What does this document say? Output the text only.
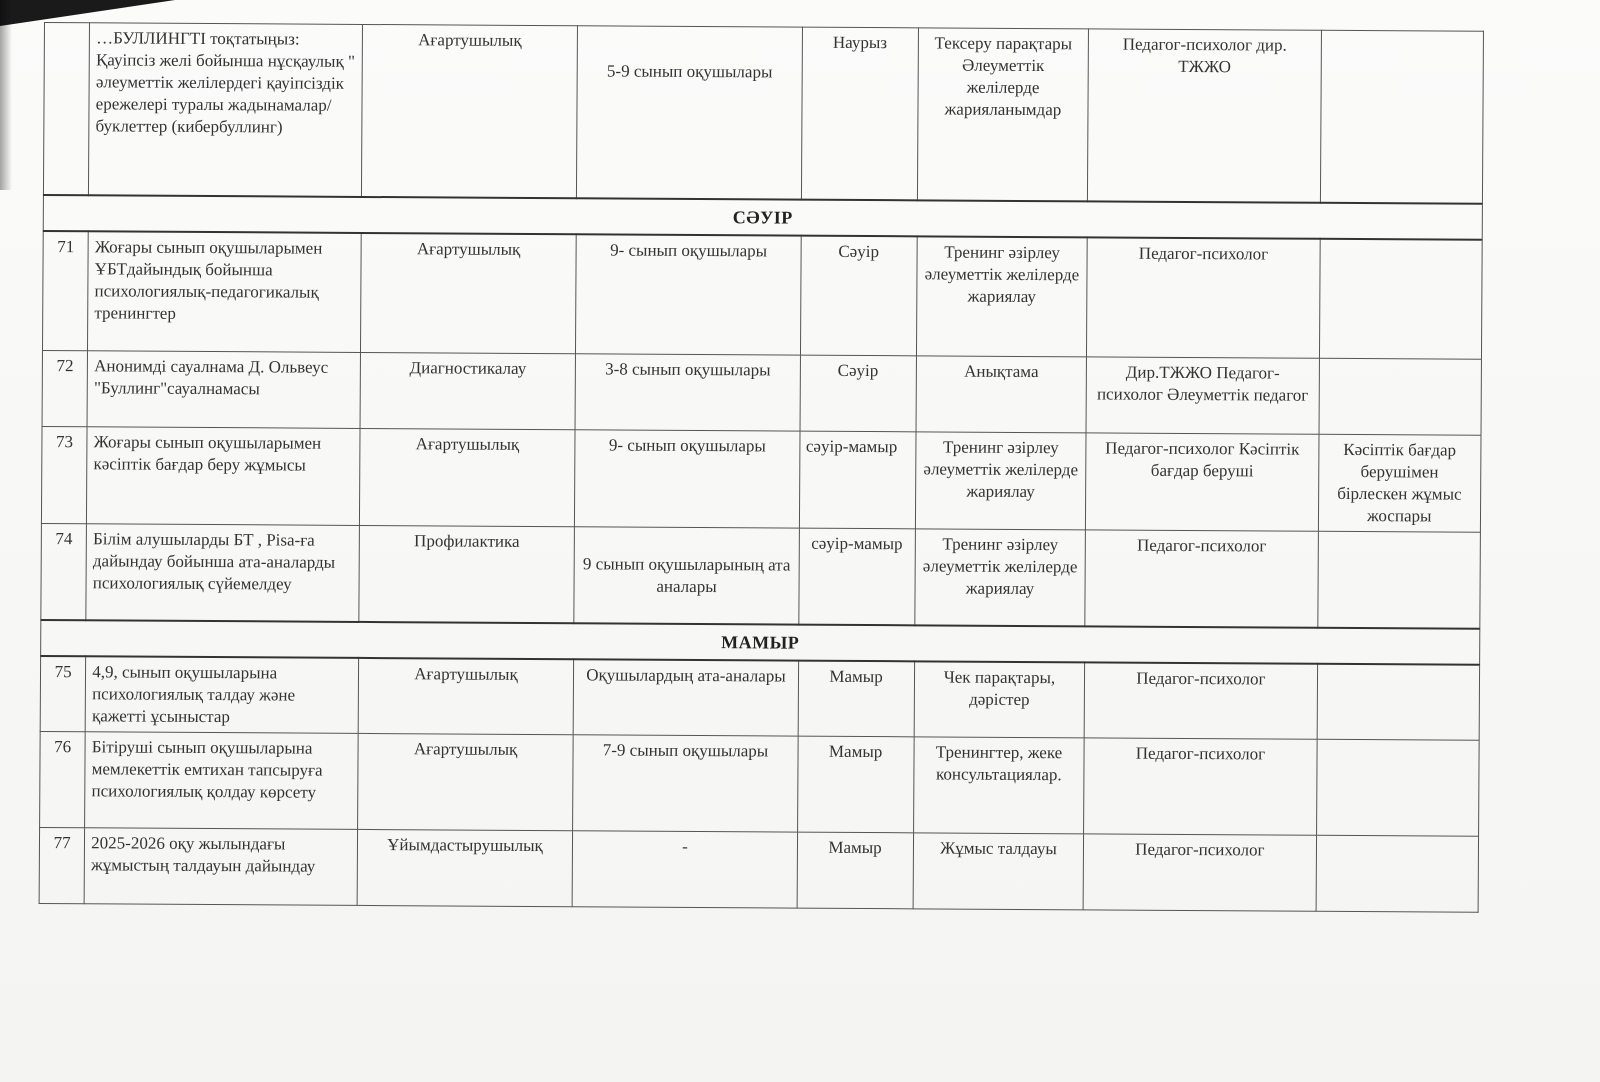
	…БУЛЛИНГТІ тоқтатыңыз: Қауіпсіз желі бойынша нұсқаулық " әлеуметтік желілердегі қауіпсіздік ережелері туралы жадынамалар/буклеттер (кибербуллинг)	Ағартушылық	5-9 сынып оқушылары	Наурыз	Тексеру парақтары Әлеуметтік желілерде жарияланымдар	Педагог-психолог дир. ТЖЖО	
СӘУІР							
71	Жоғары сынып оқушыларымен ҰБТдайындық бойынша психологиялық-педагогикалық тренингтер	Ағартушылық	9- сынып оқушылары	Сәуір	Тренинг әзірлеу әлеуметтік желілерде жариялау	Педагог-психолог	
72	Анонимді сауалнама Д. Ольвеус "Буллинг"сауалнамасы	Диагностикалау	3-8 сынып оқушылары	Сәуір	Анықтама	Дир.ТЖЖО Педагог-психолог Әлеуметтік педагог	
73	Жоғары сынып оқушыларымен кәсіптік бағдар беру жұмысы	Ағартушылық	9- сынып оқушылары	сәуір-мамыр	Тренинг әзірлеу әлеуметтік желілерде жариялау	Педагог-психолог Кәсіптік бағдар беруші	Кәсіптік бағдар берушімен бірлескен жұмыс жоспары
74	Білім алушыларды БТ , Pisa-ға дайындау бойынша ата-аналарды психологиялық сүйемелдеу	Профилактика	9 сынып оқушыларының ата аналары	сәуір-мамыр	Тренинг әзірлеу әлеуметтік желілерде жариялау	Педагог-психолог	
МАМЫР							
75	4,9, сынып оқушыларына психологиялық талдау және қажетті ұсыныстар	Ағартушылық	Оқушылардың ата-аналары	Мамыр	Чек парақтары, дәрістер	Педагог-психолог	
76	Бітіруші сынып оқушыларына мемлекеттік емтихан тапсыруға психологиялық қолдау көрсету	Ағартушылық	7-9 сынып оқушылары	Мамыр	Тренингтер, жеке консультациялар.	Педагог-психолог	
77	2025-2026 оқу жылындағы жұмыстың талдауын дайындау	Ұйымдастырушылық	-	Мамыр	Жұмыс талдауы	Педагог-психолог	
